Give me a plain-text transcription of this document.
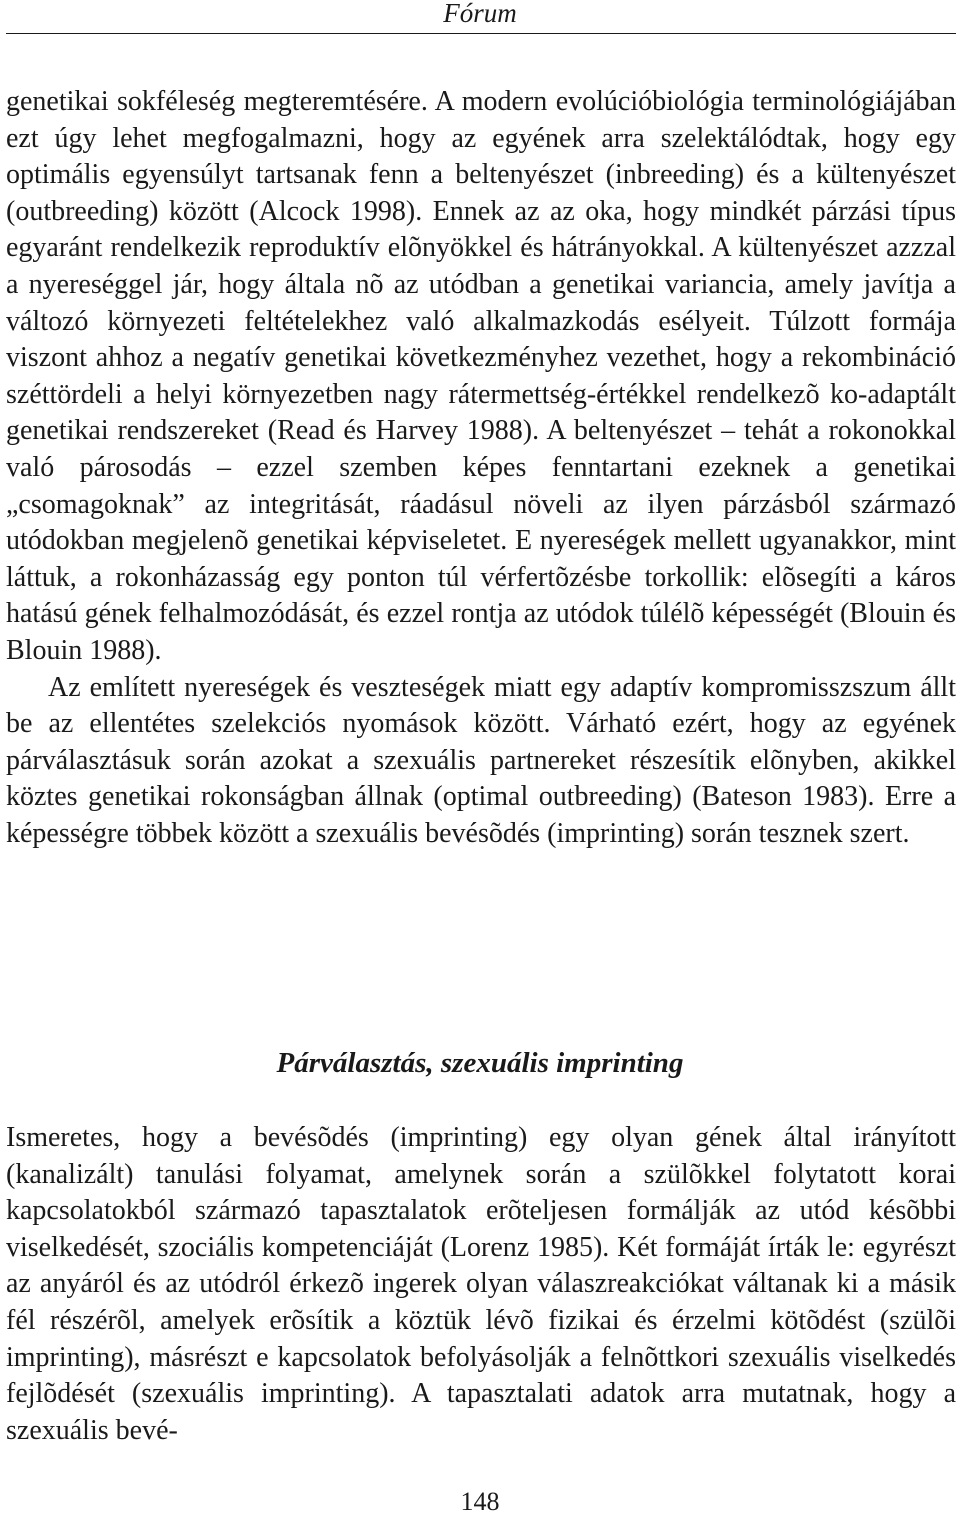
Fórum

genetikai sokféleség megteremtésére. A modern evolúcióbiológia terminológiájában ezt úgy lehet megfogalmazni, hogy az egyének arra szelektálódtak, hogy egy optimális egyensúlyt tartsanak fenn a beltenyészet (inbreeding) és a kültenyészet (outbreeding) között (Alcock 1998). Ennek az az oka, hogy mindkét párzási típus egyaránt rendelkezik reproduktív elõnyökkel és hátrányokkal. A kültenyészet azzzal a nyereséggel jár, hogy általa nõ az utódban a genetikai variancia, amely javítja a változó környezeti feltételekhez való alkalmazkodás esélyeit. Túlzott formája viszont ahhoz a negatív genetikai következményhez vezethet, hogy a rekombináció széttördeli a helyi környezetben nagy rátermettség-értékkel rendelkezõ ko-adaptált genetikai rendszereket (Read és Harvey 1988). A beltenyészet – tehát a rokonokkal való párosodás – ezzel szemben képes fenntartani ezeknek a genetikai „csomagoknak” az integritását, ráadásul növeli az ilyen párzásból származó utódokban megjelenõ genetikai képviseletet. E nyereségek mellett ugyanakkor, mint láttuk, a rokonházasság egy ponton túl vérfertõzésbe torkollik: elõsegíti a káros hatású gének felhalmozódását, és ezzel rontja az utódok túlélõ képességét (Blouin és Blouin 1988).

Az említett nyereségek és veszteségek miatt egy adaptív kompromisszszum állt be az ellentétes szelekciós nyomások között. Várható ezért, hogy az egyének párválasztásuk során azokat a szexuális partnereket részesítik elõnyben, akikkel köztes genetikai rokonságban állnak (optimal outbreeding) (Bateson 1983). Erre a képességre többek között a szexuális bevésõdés (imprinting) során tesznek szert.

Párválasztás, szexuális imprinting

Ismeretes, hogy a bevésõdés (imprinting) egy olyan gének által irányított (kanalizált) tanulási folyamat, amelynek során a szülõkkel folytatott korai kapcsolatokból származó tapasztalatok erõteljesen formálják az utód késõbbi viselkedését, szociális kompetenciáját (Lorenz 1985). Két formáját írták le: egyrészt az anyáról és az utódról érkezõ ingerek olyan válaszreakciókat váltanak ki a másik fél részérõl, amelyek erõsítik a köztük lévõ fizikai és érzelmi kötõdést (szülõi imprinting), másrészt e kapcsolatok befolyásolják a felnõttkori szexuális viselkedés fejlõdését (szexuális imprinting). A tapasztalati adatok arra mutatnak, hogy a szexuális bevé-

148
